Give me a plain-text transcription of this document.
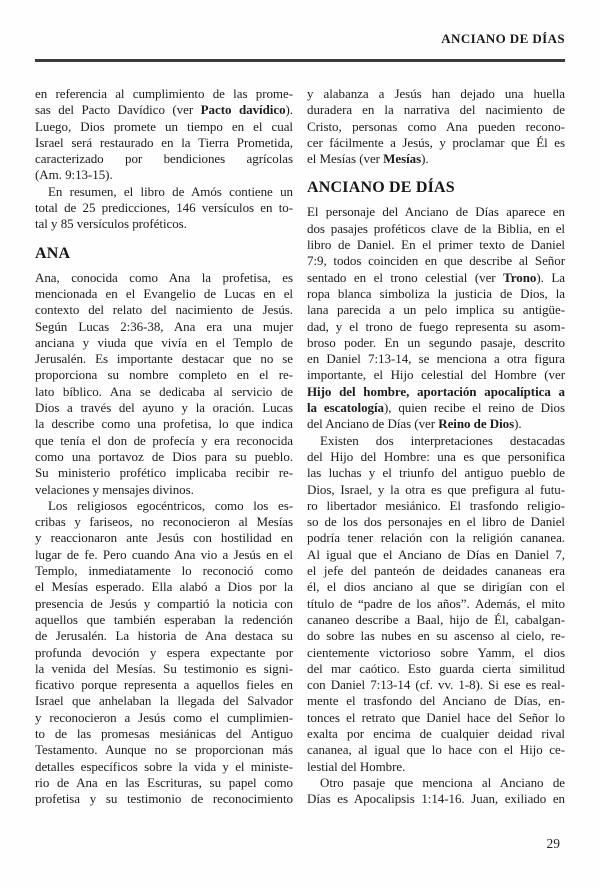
ANCIANO DE DÍAS
en referencia al cumplimiento de las prome-
sas del Pacto Davídico (ver Pacto davídico).
Luego, Dios promete un tiempo en el cual
Israel será restaurado en la Tierra Prometida,
caracterizado por bendiciones agrícolas
(Am. 9:13-15).
En resumen, el libro de Amós contiene un
total de 25 predicciones, 146 versículos en to-
tal y 85 versículos proféticos.
ANA
Ana, conocida como Ana la profetisa, es
mencionada en el Evangelio de Lucas en el
contexto del relato del nacimiento de Jesús.
Según Lucas 2:36-38, Ana era una mujer
anciana y viuda que vivía en el Templo de
Jerusalén. Es importante destacar que no se
proporciona su nombre completo en el re-
lato bíblico. Ana se dedicaba al servicio de
Dios a través del ayuno y la oración. Lucas
la describe como una profetisa, lo que indica
que tenía el don de profecía y era reconocida
como una portavoz de Dios para su pueblo.
Su ministerio profético implicaba recibir re-
velaciones y mensajes divinos.
Los religiosos egocéntricos, como los es-
cribas y fariseos, no reconocieron al Mesías
y reaccionaron ante Jesús con hostilidad en
lugar de fe. Pero cuando Ana vio a Jesús en el
Templo, inmediatamente lo reconoció como
el Mesías esperado. Ella alabó a Dios por la
presencia de Jesús y compartió la noticia con
aquellos que también esperaban la redención
de Jerusalén. La historia de Ana destaca su
profunda devoción y espera expectante por
la venida del Mesías. Su testimonio es signi-
ficativo porque representa a aquellos fieles en
Israel que anhelaban la llegada del Salvador
y reconocieron a Jesús como el cumplimien-
to de las promesas mesiánicas del Antiguo
Testamento. Aunque no se proporcionan más
detalles específicos sobre la vida y el ministe-
rio de Ana en las Escrituras, su papel como
profetisa y su testimonio de reconocimiento
y alabanza a Jesús han dejado una huella
duradera en la narrativa del nacimiento de
Cristo, personas como Ana pueden recono-
cer fácilmente a Jesús, y proclamar que Él es
el Mesías (ver Mesías).
ANCIANO DE DÍAS
El personaje del Anciano de Días aparece en
dos pasajes proféticos clave de la Biblia, en el
libro de Daniel. En el primer texto de Daniel
7:9, todos coinciden en que describe al Señor
sentado en el trono celestial (ver Trono). La
ropa blanca simboliza la justicia de Dios, la
lana parecida a un pelo implica su antigüe-
dad, y el trono de fuego representa su asom-
broso poder. En un segundo pasaje, descrito
en Daniel 7:13-14, se menciona a otra figura
importante, el Hijo celestial del Hombre (ver
Hijo del hombre, aportación apocalíptica a
la escatología), quien recibe el reino de Dios
del Anciano de Días (ver Reino de Dios).
Existen dos interpretaciones destacadas
del Hijo del Hombre: una es que personifica
las luchas y el triunfo del antiguo pueblo de
Dios, Israel, y la otra es que prefigura al futu-
ro libertador mesiánico. El trasfondo religio-
so de los dos personajes en el libro de Daniel
podría tener relación con la religión cananea.
Al igual que el Anciano de Días en Daniel 7,
el jefe del panteón de deidades cananeas era
él, el dios anciano al que se dirigían con el
título de “padre de los años”. Además, el mito
cananeo describe a Baal, hijo de Él, cabalgan-
do sobre las nubes en su ascenso al cielo, re-
cientemente victorioso sobre Yamm, el dios
del mar caótico. Esto guarda cierta similitud
con Daniel 7:13-14 (cf. vv. 1-8). Si ese es real-
mente el trasfondo del Anciano de Días, en-
tonces el retrato que Daniel hace del Señor lo
exalta por encima de cualquier deidad rival
cananea, al igual que lo hace con el Hijo ce-
lestial del Hombre.
Otro pasaje que menciona al Anciano de
Días es Apocalipsis 1:14-16. Juan, exiliado en
29
